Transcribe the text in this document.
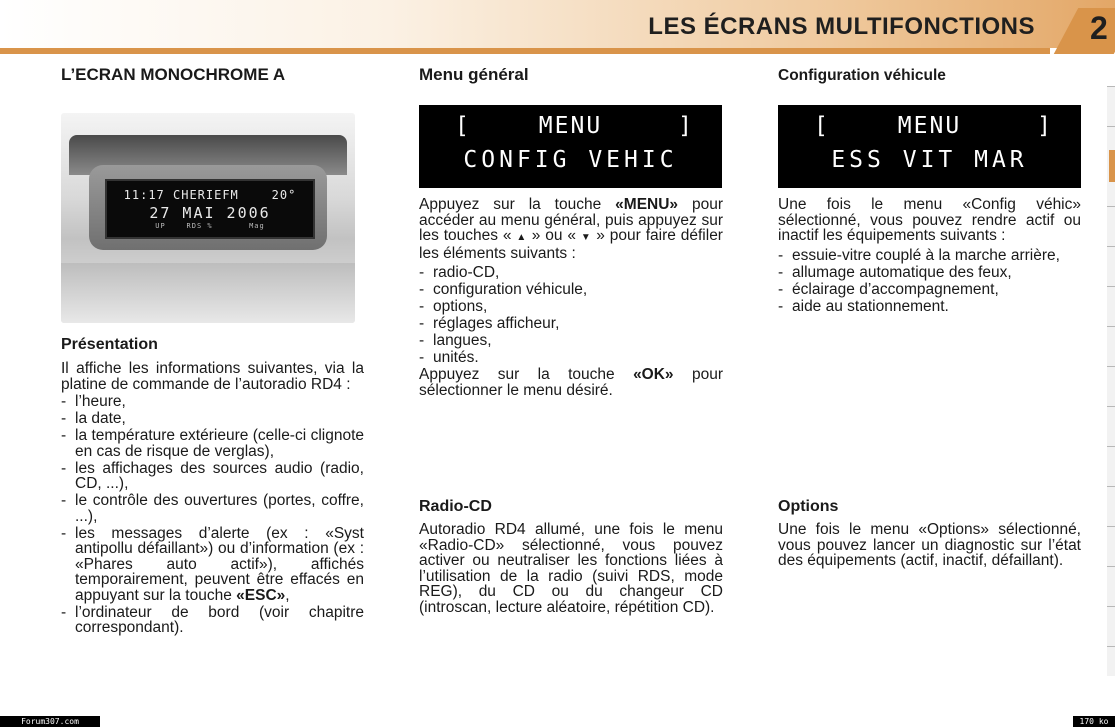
LES ÉCRANS MULTIFONCTIONS 2
L’ECRAN MONOCHROME A
11:17 CHERIEFM    20°
27 MAI 2006
UP    RDS %       Mag
Présentation

Il affiche les informations suivantes, via la platine de commande de l’autoradio RD4 :

- l’heure,
- la date,
- la température extérieure (celle-ci clignote en cas de risque de verglas),
- les affichages des sources audio (radio, CD, ...),
- le contrôle des ouvertures (portes, coffre, ...),
- les messages d’alerte (ex : «Syst antipollu défaillant») ou d’information (ex : «Phares auto actif»), affichés temporairement, peuvent être effacés en appuyant sur la touche «ESC»,
- l’ordinateur de bord (voir chapitre correspondant).
Menu général
[	MENU	]
CONFIG VEHIC

Appuyez sur la touche «MENU» pour accéder au menu général, puis appuyez sur les touches « ▲ » ou « ▼ » pour faire défiler les éléments suivants :

- radio-CD,
- configuration véhicule,
- options,
- réglages afficheur,
- langues,
- unités.

Appuyez sur la touche «OK» pour sélectionner le menu désiré.

Radio-CD

Autoradio RD4 allumé, une fois le menu «Radio-CD» sélectionné, vous pouvez activer ou neutraliser les fonctions liées à l’utilisation de la radio (suivi RDS, mode REG), du CD ou du changeur CD (introscan, lecture aléatoire, répétition CD).

Configuration véhicule
[	MENU	]
ESS VIT MAR

Une fois le menu «Config véhic» sélectionné, vous pouvez rendre actif ou inactif les équipements suivants :

- essuie-vitre couplé à la marche arrière,
- allumage automatique des feux,
- éclairage d’accompagnement,
- aide au stationnement.
Options

Une fois le menu «Options» sélectionné, vous pouvez lancer un diagnostic sur l’état des équipements (actif, inactif, défaillant).

Forum307.com	170 ko
